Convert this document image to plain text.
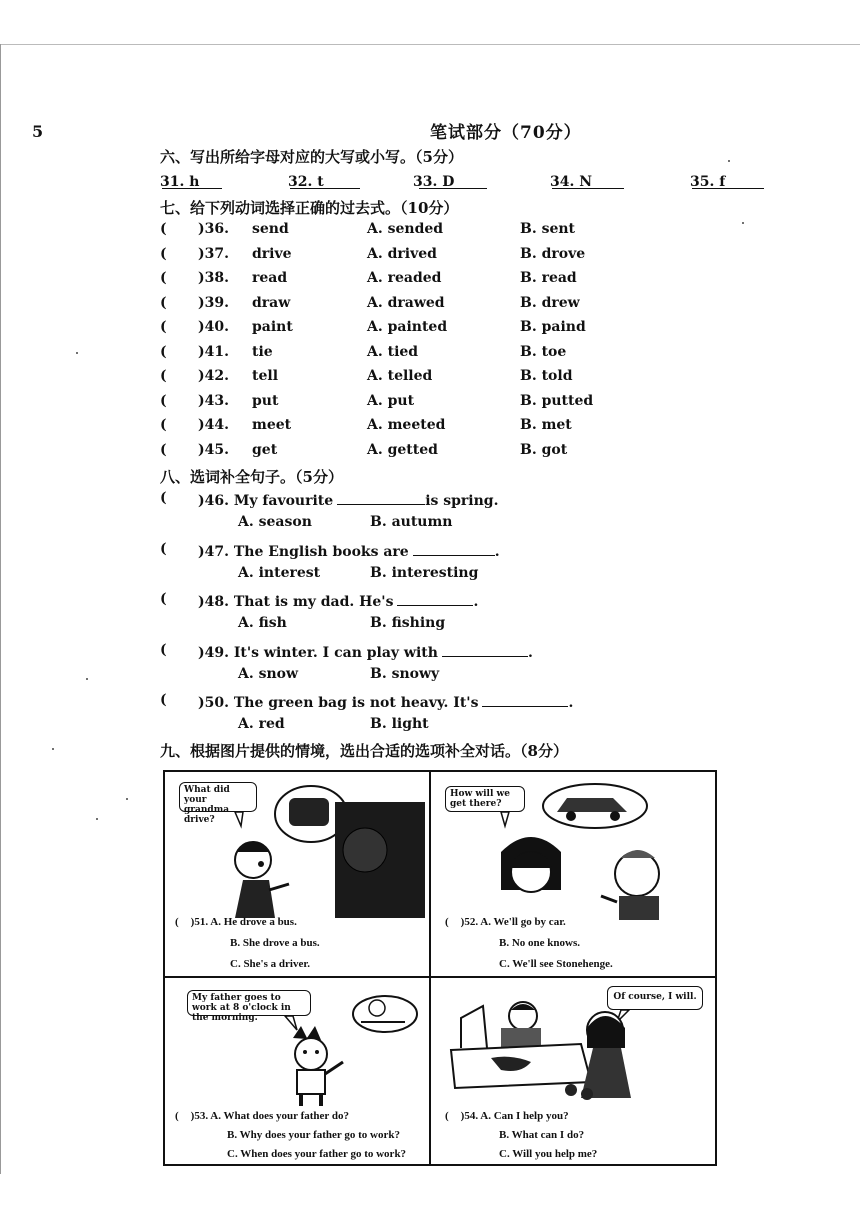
5	笔试部分（70分）
六、写出所给字母对应的大写或小写。（5分）
31. h	32. t	33. D	34. N	35. f
七、给下列动词选择正确的过去式。（10分）
( )36. send	A. sended	B. sent
( )37. drive	A. drived	B. drove
( )38. read	A. readed	B. read
( )39. draw	A. drawed	B. drew
( )40. paint	A. painted	B. paind
( )41. tie	A. tied	B. toe
( )42. tell	A. telled	B. told
( )43. put	A. put	B. putted
( )44. meet	A. meeted	B. met
( )45. get	A. getted	B. got
八、选词补全句子。（5分）
( )46. My favourite	is spring.
A. season	B. autumn
( )47. The English books are	.
A. interest	B. interesting
( )48. That is my dad. He's	.
A. fish	B. fishing
( )49. It's winter. I can play with	.
A. snow	B. snowy
( )50. The green bag is not heavy. It's	.
A. red	B. light
九、根据图片提供的情境，选出合适的选项补全对话。（8分）
What did your grandma drive?
( )51. A. He drove a bus.
B. She drove a bus.
C. She's a driver.
How will we get there?
( )52. A. We'll go by car.
B. No one knows.
C. We'll see Stonehenge.
My father goes to work at 8 o'clock in the morning.
( )53. A. What does your father do?
B. Why does your father go to work?
C. When does your father go to work?
Of course, I will.
( )54. A. Can I help you?
B. What can I do?
C. Will you help me?
